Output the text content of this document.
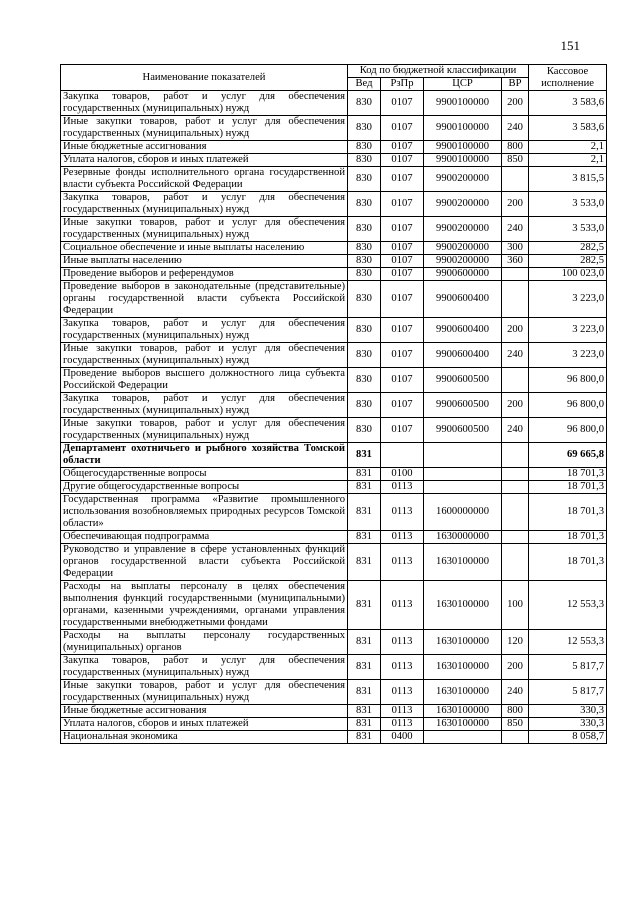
151
Наименование показателей	Код по бюджетной классификации				Кассовое исполнение
	Вед	РзПр	ЦСР	ВР	
Закупка товаров, работ и услуг для обеспечения государственных (муниципальных) нужд	830	0107	9900100000	200	3 583,6
Иные закупки товаров, работ и услуг для обеспечения государственных (муниципальных) нужд	830	0107	9900100000	240	3 583,6
Иные бюджетные ассигнования	830	0107	9900100000	800	2,1
Уплата налогов, сборов и иных платежей	830	0107	9900100000	850	2,1
Резервные фонды исполнительного органа государственной власти субъекта Российской Федерации	830	0107	9900200000		3 815,5
Закупка товаров, работ и услуг для обеспечения государственных (муниципальных) нужд	830	0107	9900200000	200	3 533,0
Иные закупки товаров, работ и услуг для обеспечения государственных (муниципальных) нужд	830	0107	9900200000	240	3 533,0
Социальное обеспечение и иные выплаты населению	830	0107	9900200000	300	282,5
Иные выплаты населению	830	0107	9900200000	360	282,5
Проведение выборов и референдумов	830	0107	9900600000		100 023,0
Проведение выборов в законодательные (представительные) органы государственной власти субъекта Российской Федерации	830	0107	9900600400		3 223,0
Закупка товаров, работ и услуг для обеспечения государственных (муниципальных) нужд	830	0107	9900600400	200	3 223,0
Иные закупки товаров, работ и услуг для обеспечения государственных (муниципальных) нужд	830	0107	9900600400	240	3 223,0
Проведение выборов высшего должностного лица субъекта Российской Федерации	830	0107	9900600500		96 800,0
Закупка товаров, работ и услуг для обеспечения государственных (муниципальных) нужд	830	0107	9900600500	200	96 800,0
Иные закупки товаров, работ и услуг для обеспечения государственных (муниципальных) нужд	830	0107	9900600500	240	96 800,0
Департамент охотничьего и рыбного хозяйства Томской области	831				69 665,8
Общегосударственные вопросы	831	0100			18 701,3
Другие общегосударственные вопросы	831	0113			18 701,3
Государственная программа «Развитие промышленного использования возобновляемых природных ресурсов Томской области»	831	0113	1600000000		18 701,3
Обеспечивающая подпрограмма	831	0113	1630000000		18 701,3
Руководство и управление в сфере установленных функций органов государственной власти субъекта Российской Федерации	831	0113	1630100000		18 701,3
Расходы на выплаты персоналу в целях обеспечения выполнения функций государственными (муниципальными) органами, казенными учреждениями, органами управления государственными внебюджетными фондами	831	0113	1630100000	100	12 553,3
Расходы на выплаты персоналу государственных (муниципальных) органов	831	0113	1630100000	120	12 553,3
Закупка товаров, работ и услуг для обеспечения государственных (муниципальных) нужд	831	0113	1630100000	200	5 817,7
Иные закупки товаров, работ и услуг для обеспечения государственных (муниципальных) нужд	831	0113	1630100000	240	5 817,7
Иные бюджетные ассигнования	831	0113	1630100000	800	330,3
Уплата налогов, сборов и иных платежей	831	0113	1630100000	850	330,3
Национальная экономика	831	0400			8 058,7
